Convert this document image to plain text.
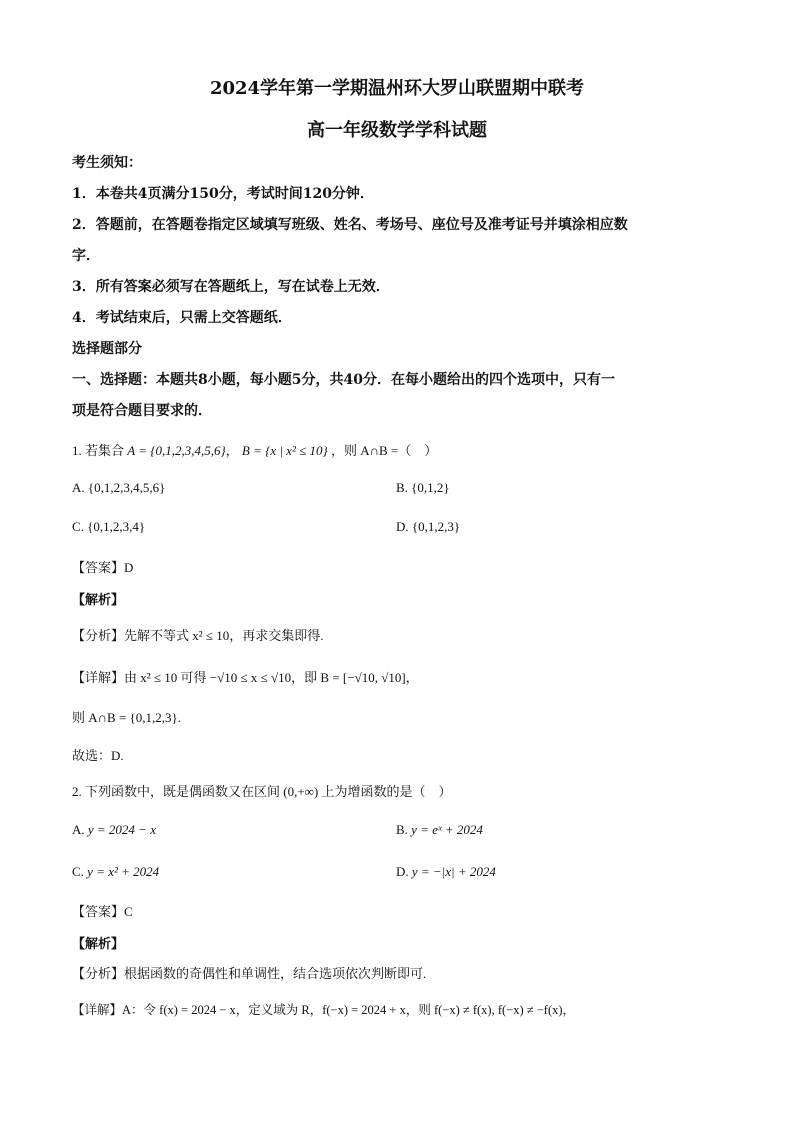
2024学年第一学期温州环大罗山联盟期中联考
高一年级数学学科试题
考生须知：
1．本卷共4页满分150分，考试时间120分钟．
2．答题前，在答题卷指定区域填写班级、姓名、考场号、座位号及准考证号并填涂相应数
字．
3．所有答案必须写在答题纸上，写在试卷上无效．
4．考试结束后，只需上交答题纸．
选择题部分
一、选择题：本题共8小题，每小题5分，共40分．在每小题给出的四个选项中，只有一
项是符合题目要求的．
1. 若集合 A = {0,1,2,3,4,5,6}， B = {x | x² ≤ 10} ，则 A∩B =（　）
A. {0,1,2,3,4,5,6}	B. {0,1,2}
C. {0,1,2,3,4}	D. {0,1,2,3}
【答案】D
【解析】
【分析】先解不等式 x² ≤ 10，再求交集即得.
【详解】由 x² ≤ 10 可得 −√10 ≤ x ≤ √10，即 B = [−√10, √10]，
则 A∩B = {0,1,2,3}.
故选：D.
2. 下列函数中，既是偶函数又在区间 (0,+∞) 上为增函数的是（　）
A. y = 2024 − x	B. y = eˣ + 2024
C. y = x² + 2024	D. y = −|x| + 2024
【答案】C
【解析】
【分析】根据函数的奇偶性和单调性，结合选项依次判断即可.
【详解】A：令 f(x) = 2024 − x，定义域为 R，f(−x) = 2024 + x，则 f(−x) ≠ f(x), f(−x) ≠ −f(x)，
